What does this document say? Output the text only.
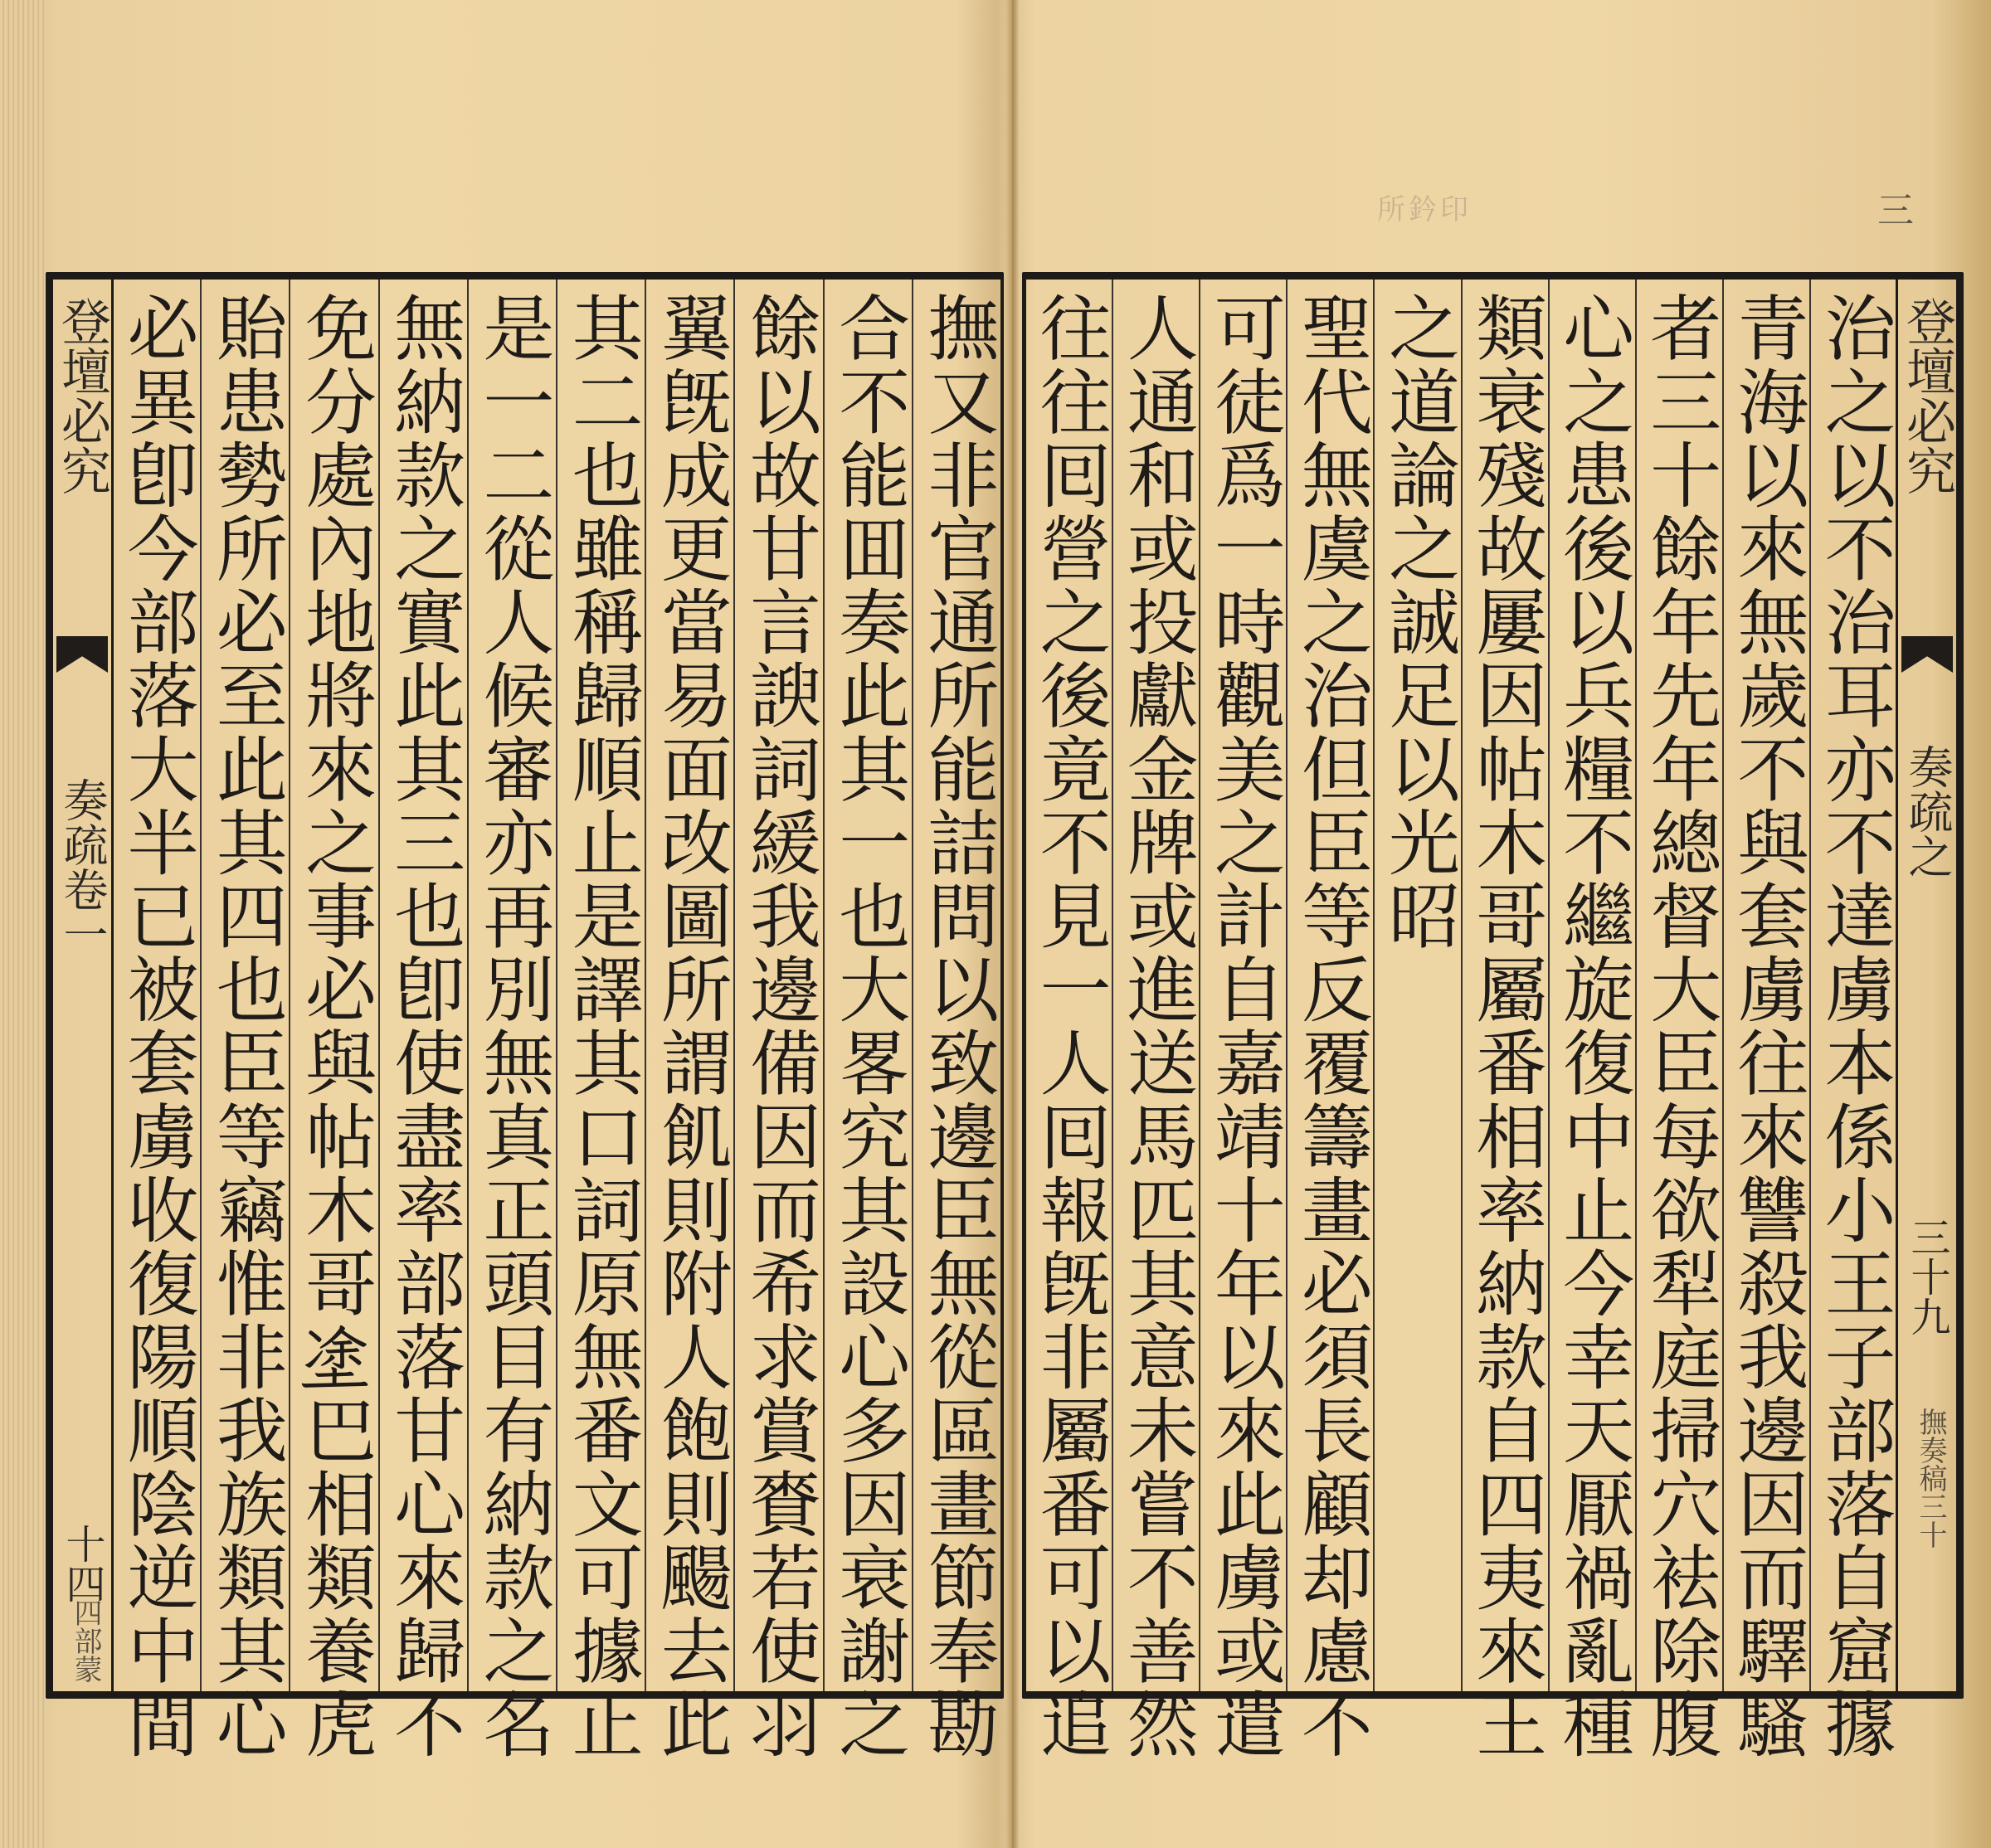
三
所鈐印
登壇必究
奏疏卷一
十四
四部蒙	撫又非官通所能詰問以致邊臣無從區畫節奉勘
合不能囬奏此其一也大畧究其設心多因衰謝之
餘以故甘言諛詞緩我邊備因而希求賞賚若使羽
翼旣成更當易面改圖所謂飢則附人飽則颺去此
其二也雖稱歸順止是譯其口詞原無番文可據止
是一二從人候審亦再別無真正頭目有納款之名
無納款之實此其三也卽使盡率部落甘心來歸不
免分處內地將來之事必與帖木哥𡍼巴相類養虎
貽患勢所必至此其四也臣等竊惟非我族類其心
必異卽今部落大半已被套虜收復陽順陰逆中間	登壇必究
奏疏之
三十九
撫奏稿三十
治之以不治耳亦不達虜本係小王子部落自窟據
青海以來無歲不與套虜往來讐殺我邊因而驛騷
者三十餘年先年總督大臣每欲犁庭掃穴袪除腹
心之患後以兵糧不繼旋復中止今幸天厭禍亂種
類衰殘故屢因帖木哥屬番相率納款自四夷來王
之道論之誠足以光昭
聖代無虞之治但臣等反覆籌畫必須長顧却慮不
可徒爲一時觀美之計自嘉靖十年以來此虜或遣
人通和或投獻金牌或進送馬匹其意未嘗不善然
往往囘營之後竟不見一人囘報旣非屬番可以追
